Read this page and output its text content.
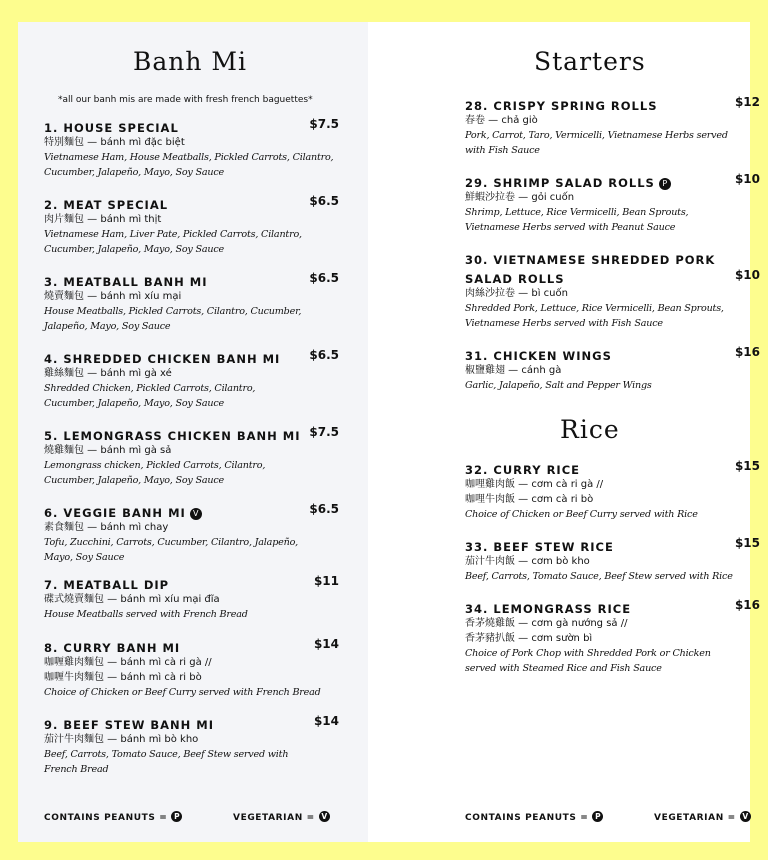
Banh Mi
*all our banh mis are made with fresh french baguettes*
1. HOUSE SPECIAL	$7.5
特別麵包 — bánh mì đặc biệt
Vietnamese Ham, House Meatballs, Pickled Carrots, Cilantro,
Cucumber, Jalapeño, Mayo, Soy Sauce
2. MEAT SPECIAL	$6.5
肉片麵包 — bánh mì thịt
Vietnamese Ham, Liver Pate, Pickled Carrots, Cilantro,
Cucumber, Jalapeño, Mayo, Soy Sauce
3. MEATBALL BANH MI	$6.5
燒賣麵包 — bánh mì xíu mại
House Meatballs, Pickled Carrots, Cilantro, Cucumber,
Jalapeño, Mayo, Soy Sauce
4. SHREDDED CHICKEN BANH MI $6.5
雞絲麵包 — bánh mì gà xé
Shredded Chicken, Pickled Carrots, Cilantro,
Cucumber, Jalapeño, Mayo, Soy Sauce
5. LEMONGRASS CHICKEN BANH MI $7.5
燒雞麵包 — bánh mì gà sả
Lemongrass chicken, Pickled Carrots, Cilantro,
Cucumber, Jalapeño, Mayo, Soy Sauce
6. VEGGIE BANH MI V	$6.5
素食麵包 — bánh mì chay
Tofu, Zucchini, Carrots, Cucumber, Cilantro, Jalapeño,
Mayo, Soy Sauce
7. MEATBALL DIP	$11
碟式燒賣麵包 — bánh mì xíu mại đĩa
House Meatballs served with French Bread
8. CURRY BANH MI	$14
咖喱雞肉麵包 — bánh mì cà ri gà //
咖喱牛肉麵包 — bánh mì cà ri bò
Choice of Chicken or Beef Curry served with French Bread
9. BEEF STEW BANH MI	$14
茄汁牛肉麵包 — bánh mì bò kho
Beef, Carrots, Tomato Sauce, Beef Stew served with
French Bread
CONTAINS PEANUTS = P	VEGETARIAN = V
Starters
28. CRISPY SPRING ROLLS	$12
春卷 — chả giò
Pork, Carrot, Taro, Vermicelli, Vietnamese Herbs served
with Fish Sauce
29. SHRIMP SALAD ROLLS P	$10
鮮蝦沙拉卷 — gỏi cuốn
Shrimp, Lettuce, Rice Vermicelli, Bean Sprouts,
Vietnamese Herbs served with Peanut Sauce
30. VIETNAMESE SHREDDED PORK
SALAD ROLLS	$10
肉絲沙拉卷 — bì cuốn
Shredded Pork, Lettuce, Rice Vermicelli, Bean Sprouts,
Vietnamese Herbs served with Fish Sauce
31. CHICKEN WINGS	$16
椒鹽雞翅 — cánh gà
Garlic, Jalapeño, Salt and Pepper Wings
Rice
32. CURRY RICE	$15
咖哩雞肉飯 — cơm cà ri gà //
咖哩牛肉飯 — cơm cà ri bò
Choice of Chicken or Beef Curry served with Rice
33. BEEF STEW RICE	$15
茄汁牛肉飯 — cơm bò kho
Beef, Carrots, Tomato Sauce, Beef Stew served with Rice
34. LEMONGRASS RICE	$16
香茅燒雞飯 — cơm gà nướng sả //
香茅豬扒飯 — cơm sườn bì
Choice of Pork Chop with Shredded Pork or Chicken
served with Steamed Rice and Fish Sauce
CONTAINS PEANUTS = P	VEGETARIAN = V
